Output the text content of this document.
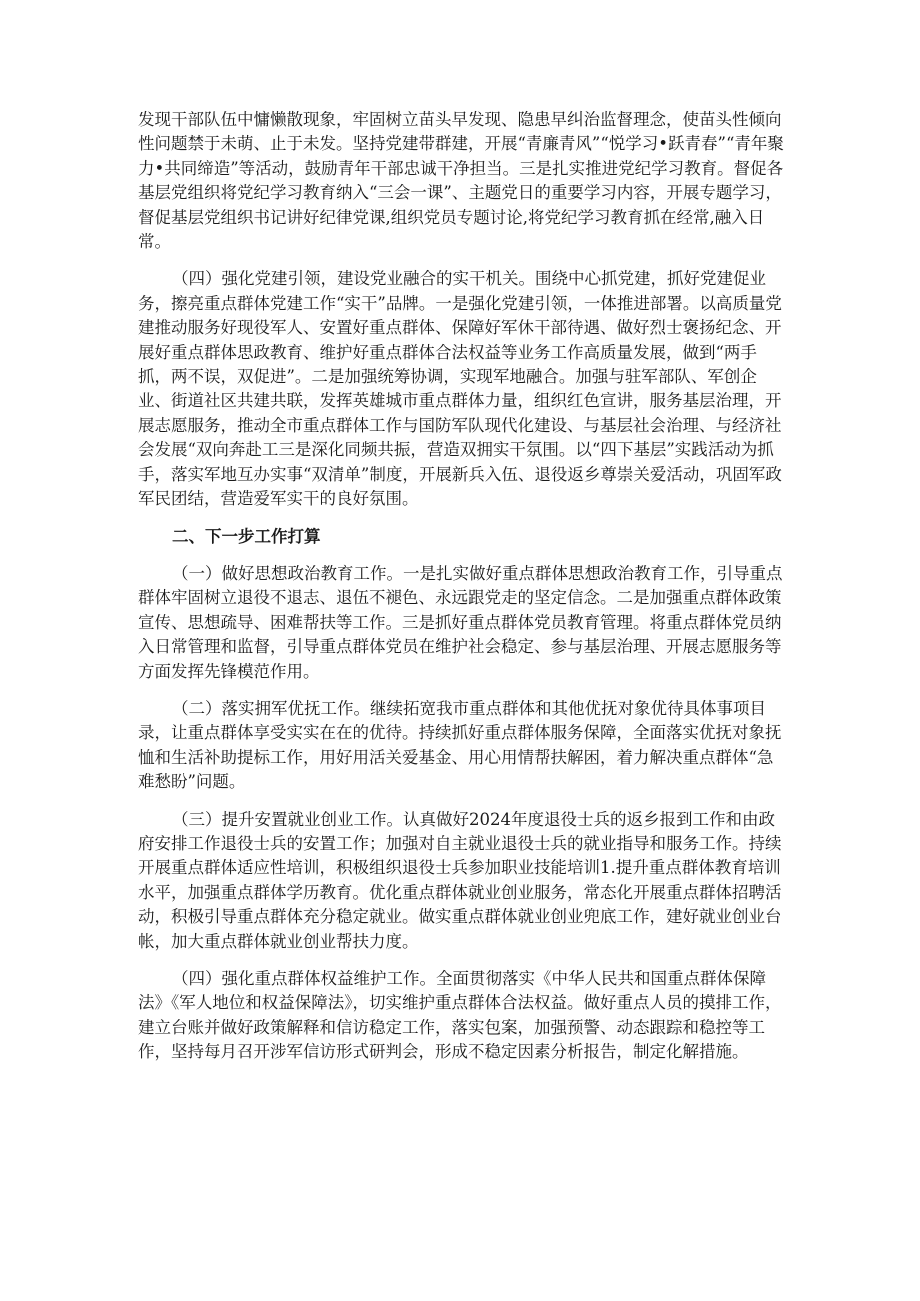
发现干部队伍中慵懒散现象，牢固树立苗头早发现、隐患早纠治监督理念，使苗头性倾向性问题禁于未萌、止于未发。坚持党建带群建，开展“青廉青风”“悦学习•跃青春”“青年聚力•共同缔造”等活动，鼓励青年干部忠诚干净担当。三是扎实推进党纪学习教育。督促各基层党组织将党纪学习教育纳入“三会一课”、主题党日的重要学习内容，开展专题学习，督促基层党组织书记讲好纪律党课,组织党员专题讨论,将党纪学习教育抓在经常,融入日常。

（四）强化党建引领，建设党业融合的实干机关。围绕中心抓党建，抓好党建促业务，擦亮重点群体党建工作“实干”品牌。一是强化党建引领，一体推进部署。以高质量党建推动服务好现役军人、安置好重点群体、保障好军休干部待遇、做好烈士褒扬纪念、开展好重点群体思政教育、维护好重点群体合法权益等业务工作高质量发展，做到“两手抓，两不误，双促进”。二是加强统筹协调，实现军地融合。加强与驻军部队、军创企业、街道社区共建共联，发挥英雄城市重点群体力量，组织红色宣讲，服务基层治理，开展志愿服务，推动全市重点群体工作与国防军队现代化建设、与基层社会治理、与经济社会发展“双向奔赴工三是深化同频共振，营造双拥实干氛围。以“四下基层”实践活动为抓手，落实军地互办实事“双清单”制度，开展新兵入伍、退役返乡尊崇关爱活动，巩固军政军民团结，营造爱军实干的良好氛围。

二、下一步工作打算

（一）做好思想政治教育工作。一是扎实做好重点群体思想政治教育工作，引导重点群体牢固树立退役不退志、退伍不褪色、永远跟党走的坚定信念。二是加强重点群体政策宣传、思想疏导、困难帮扶等工作。三是抓好重点群体党员教育管理。将重点群体党员纳入日常管理和监督，引导重点群体党员在维护社会稳定、参与基层治理、开展志愿服务等方面发挥先锋模范作用。

（二）落实拥军优抚工作。继续拓宽我市重点群体和其他优抚对象优待具体事项目录，让重点群体享受实实在在的优待。持续抓好重点群体服务保障，全面落实优抚对象抚恤和生活补助提标工作，用好用活关爱基金、用心用情帮扶解困，着力解决重点群体“急难愁盼”问题。

（三）提升安置就业创业工作。认真做好2024年度退役士兵的返乡报到工作和由政府安排工作退役士兵的安置工作；加强对自主就业退役士兵的就业指导和服务工作。持续开展重点群体适应性培训，积极组织退役士兵参加职业技能培训1.提升重点群体教育培训水平，加强重点群体学历教育。优化重点群体就业创业服务，常态化开展重点群体招聘活动，积极引导重点群体充分稳定就业。做实重点群体就业创业兜底工作，建好就业创业台帐，加大重点群体就业创业帮扶力度。

（四）强化重点群体权益维护工作。全面贯彻落实《中华人民共和国重点群体保障法》《军人地位和权益保障法》，切实维护重点群体合法权益。做好重点人员的摸排工作，建立台账并做好政策解释和信访稳定工作，落实包案，加强预警、动态跟踪和稳控等工作，坚持每月召开涉军信访形式研判会，形成不稳定因素分析报告，制定化解措施。
